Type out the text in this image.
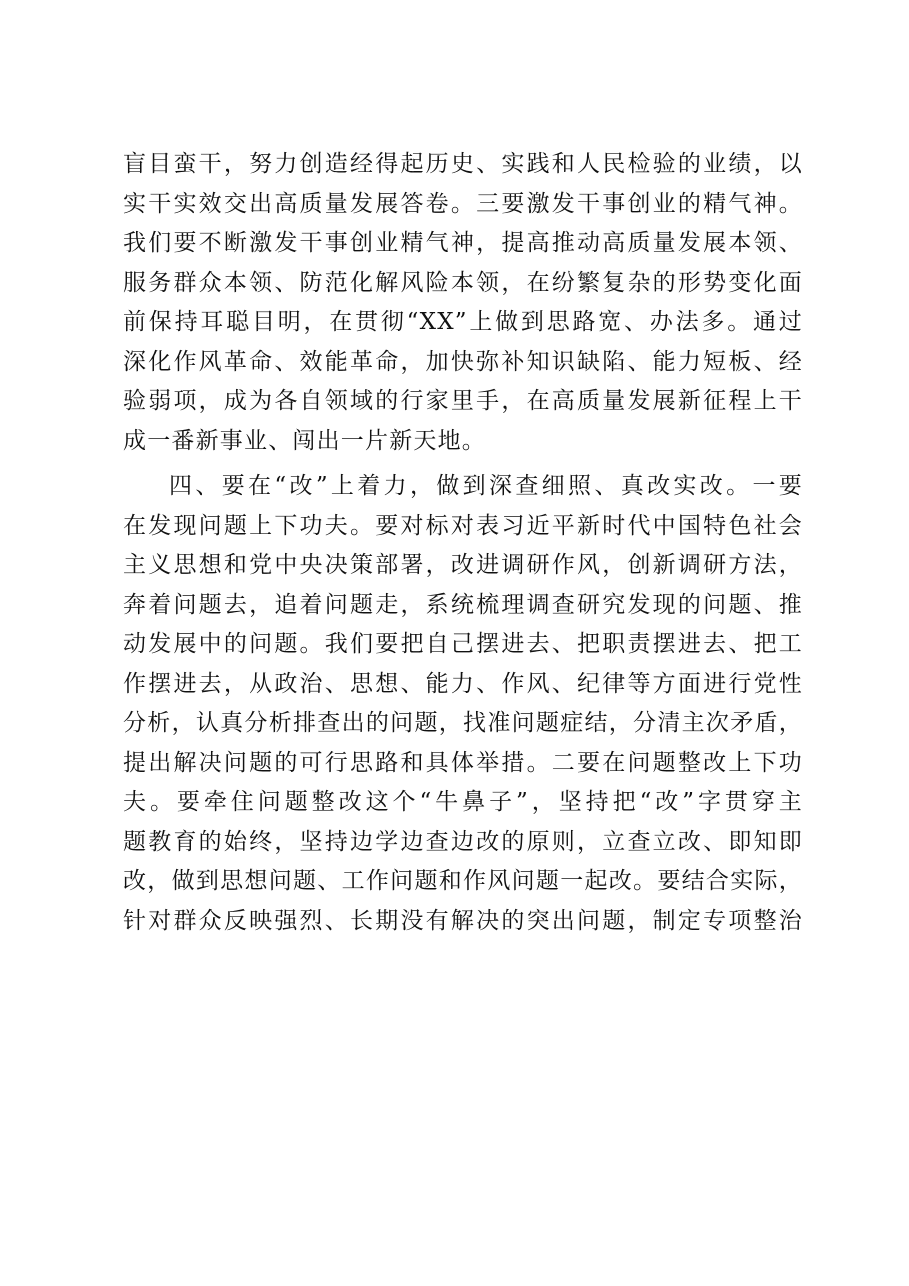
盲目蛮干，努力创造经得起历史、实践和人民检验的业绩，以
实干实效交出高质量发展答卷。三要激发干事创业的精气神。
我们要不断激发干事创业精气神，提高推动高质量发展本领、
服务群众本领、防范化解风险本领，在纷繁复杂的形势变化面
前保持耳聪目明，在贯彻“XX”上做到思路宽、办法多。通过
深化作风革命、效能革命，加快弥补知识缺陷、能力短板、经
验弱项，成为各自领域的行家里手，在高质量发展新征程上干
成一番新事业、闯出一片新天地。
四、要在“改”上着力，做到深查细照、真改实改。一要
在发现问题上下功夫。要对标对表习近平新时代中国特色社会
主义思想和党中央决策部署，改进调研作风，创新调研方法，
奔着问题去，追着问题走，系统梳理调查研究发现的问题、推
动发展中的问题。我们要把自己摆进去、把职责摆进去、把工
作摆进去，从政治、思想、能力、作风、纪律等方面进行党性
分析，认真分析排查出的问题，找准问题症结，分清主次矛盾，
提出解决问题的可行思路和具体举措。二要在问题整改上下功
夫。要牵住问题整改这个“牛鼻子”，坚持把“改”字贯穿主
题教育的始终，坚持边学边查边改的原则，立查立改、即知即
改，做到思想问题、工作问题和作风问题一起改。要结合实际，
针对群众反映强烈、长期没有解决的突出问题，制定专项整治
